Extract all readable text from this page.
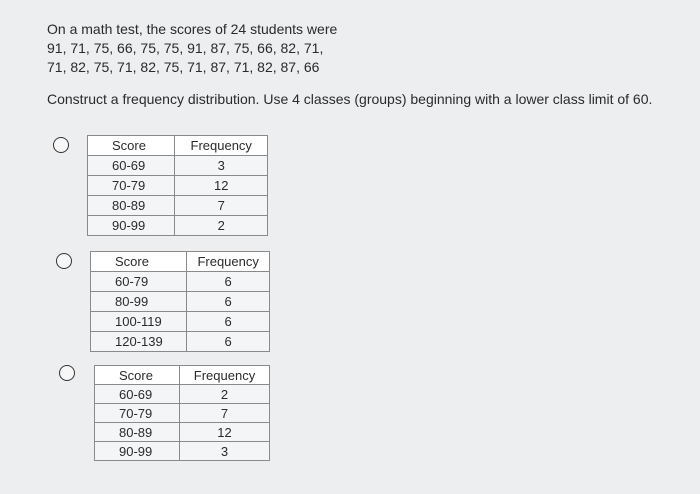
On a math test, the scores of 24 students were
91, 71, 75, 66, 75, 75, 91, 87, 75, 66, 82, 71,
71, 82, 75, 71, 82, 75, 71, 87, 71, 82, 87, 66
Construct a frequency distribution. Use 4 classes (groups) beginning with a lower class limit of 60.
Score	Frequency
60-69	3
70-79	12
80-89	7
90-99	2
Score	Frequency
60-79	6
80-99	6
100-119	6
120-139	6
Score	Frequency
60-69	2
70-79	7
80-89	12
90-99	3
